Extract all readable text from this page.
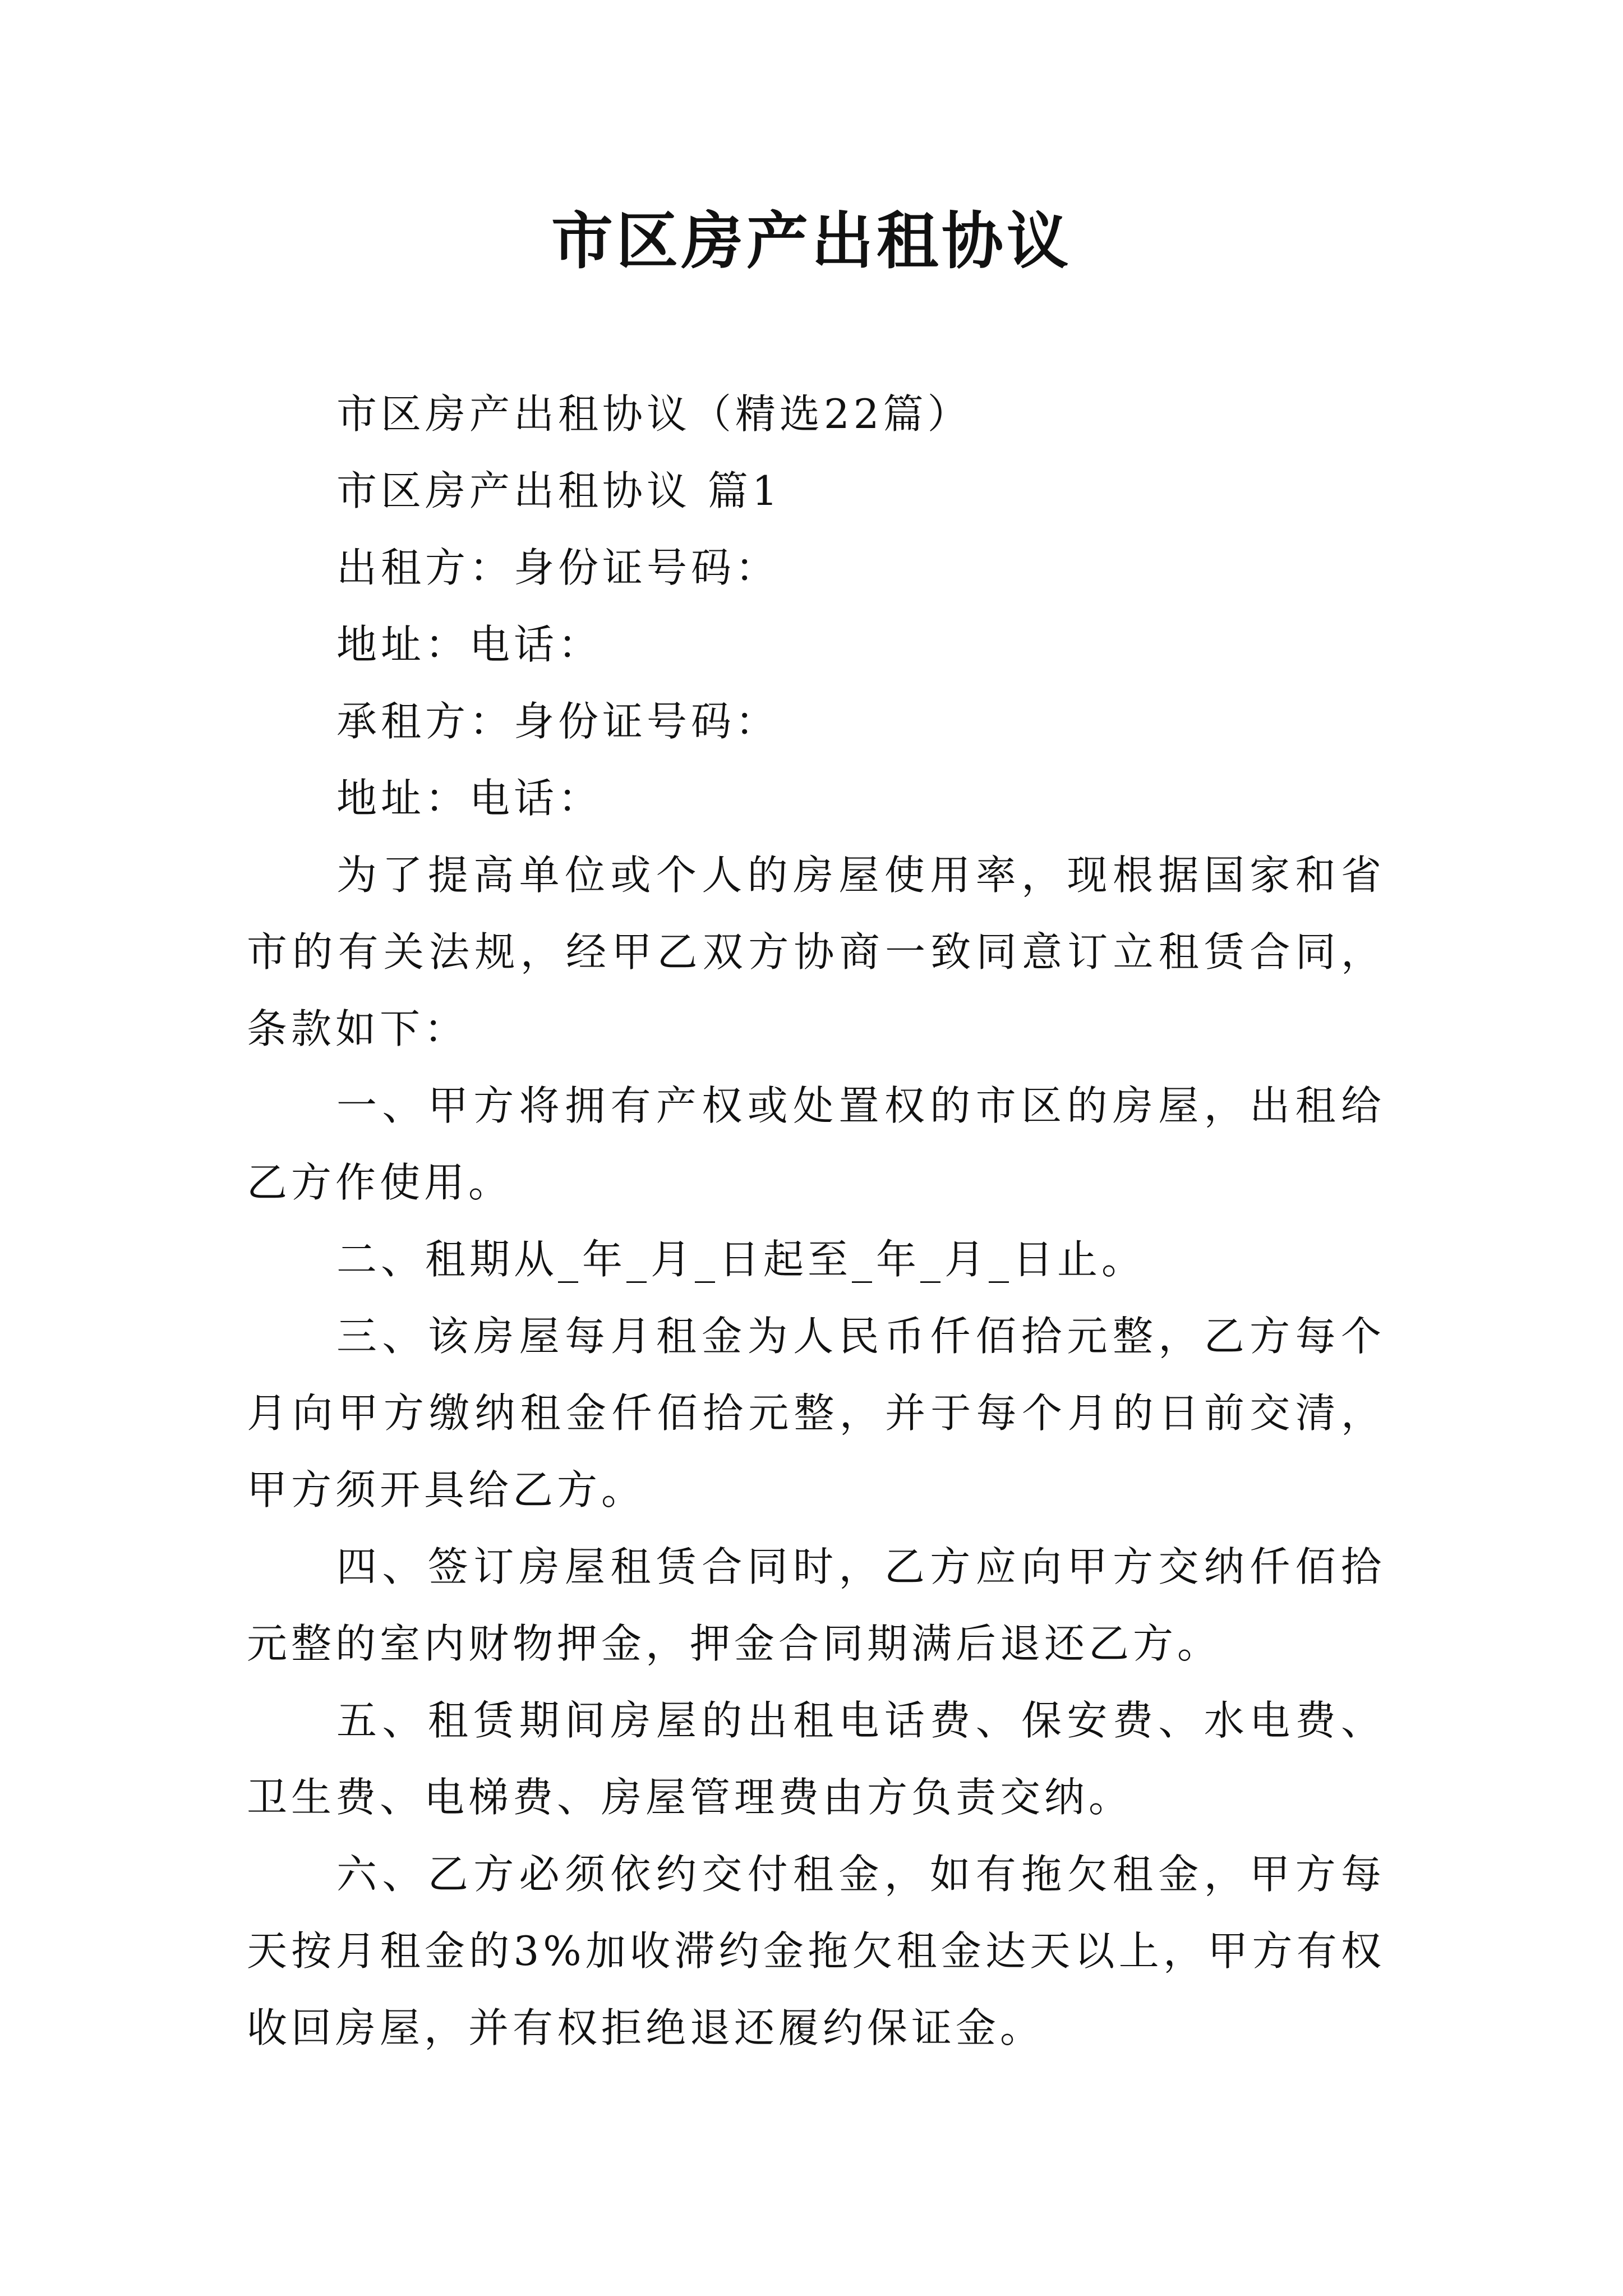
市区房产出租协议

市区房产出租协议（精选22篇）

市区房产出租协议 篇1

出租方：身份证号码：

地址：电话：

承租方：身份证号码：

地址：电话：

为了提高单位或个人的房屋使用率，现根据国家和省市的有关法规，经甲乙双方协商一致同意订立租赁合同，条款如下：

一、甲方将拥有产权或处置权的市区的房屋，出租给乙方作使用。

二、租期从_年_月_日起至_年_月_日止。

三、该房屋每月租金为人民币仟佰拾元整，乙方每个月向甲方缴纳租金仟佰拾元整，并于每个月的日前交清，甲方须开具给乙方。

四、签订房屋租赁合同时，乙方应向甲方交纳仟佰拾元整的室内财物押金，押金合同期满后退还乙方。

五、租赁期间房屋的出租电话费、保安费、水电费、卫生费、电梯费、房屋管理费由方负责交纳。

六、乙方必须依约交付租金，如有拖欠租金，甲方每天按月租金的3%加收滞约金拖欠租金达天以上，甲方有权收回房屋，并有权拒绝退还履约保证金。
